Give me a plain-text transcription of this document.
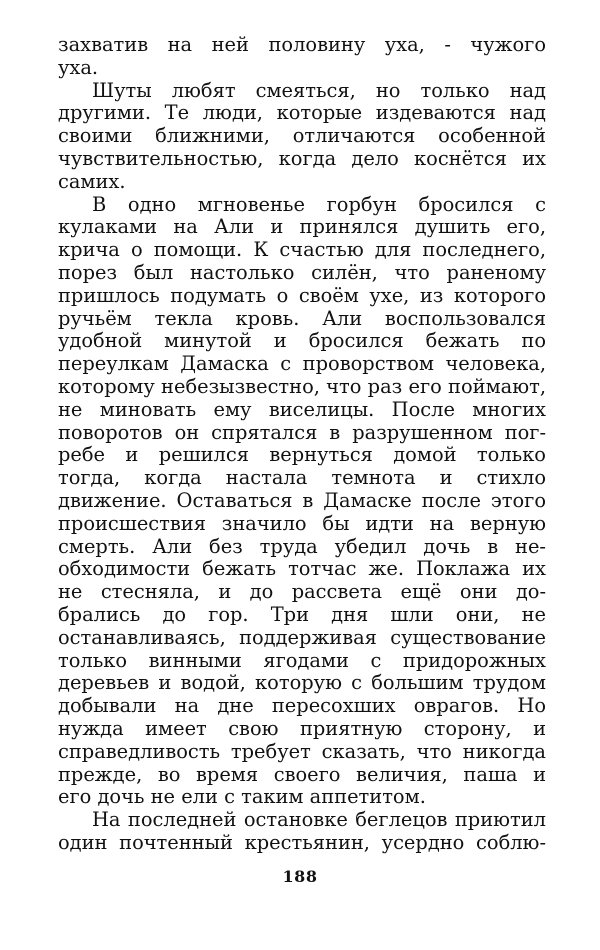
захватив на ней половину уха, - чужого
уха.
Шуты любят смеяться, но только над
другими. Те люди, которые издеваются над
своими ближними, отличаются особенной
чувствительностью, когда дело коснётся их
самих.
В одно мгновенье горбун бросился с
кулаками на Али и принялся душить его,
крича о помощи. К счастью для последнего,
порез был настолько силён, что раненому
пришлось подумать о своём ухе, из которого
ручьём текла кровь. Али воспользовался
удобной минутой и бросился бежать по
переулкам Дамаска с проворством человека,
которому небезызвестно, что раз его поймают,
не миновать ему виселицы. После многих
поворотов он спрятался в разрушенном пог-
ребе и решился вернуться домой только
тогда, когда настала темнота и стихло
движение. Оставаться в Дамаске после этого
происшествия значило бы идти на верную
смерть. Али без труда убедил дочь в не-
обходимости бежать тотчас же. Поклажа их
не стесняла, и до рассвета ещё они до-
брались до гор. Три дня шли они, не
останавливаясь, поддерживая существование
только винными ягодами с придорожных
деревьев и водой, которую с большим трудом
добывали на дне пересохших оврагов. Но
нужда имеет свою приятную сторону, и
справедливость требует сказать, что никогда
прежде, во время своего величия, паша и
его дочь не ели с таким аппетитом.
На последней остановке беглецов приютил
один почтенный крестьянин, усердно соблю-
188
